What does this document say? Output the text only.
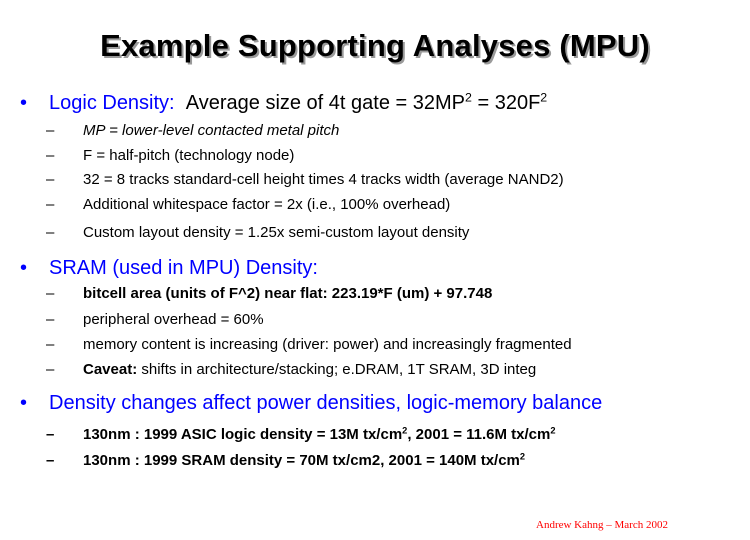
Example Supporting Analyses (MPU)
• Logic Density: Average size of 4t gate = $32MP^2 = 320F^2$
– MP = lower-level contacted metal pitch
– F = half-pitch (technology node)
– 32 = 8 tracks standard-cell height times 4 tracks width (average NAND2)
– Additional whitespace factor = 2x (i.e., 100% overhead)
– Custom layout density = 1.25x semi-custom layout density
• SRAM (used in MPU) Density:
– bitcell area (units of F^2) near flat: 223.19*F (um) + 97.748
– peripheral overhead = 60%
– memory content is increasing (driver: power) and increasingly fragmented
– Caveat: shifts in architecture/stacking; e.DRAM, 1T SRAM, 3D integ
• Density changes affect power densities, logic-memory balance
– 130nm : 1999 ASIC logic density = 13M $tx/cm^2$, 2001 = 11.6M $tx/cm^2$
– 130nm : 1999 SRAM density = 70M tx/cm2, 2001 = 140M $tx/cm^2$
Andrew Kahng – March 2002
